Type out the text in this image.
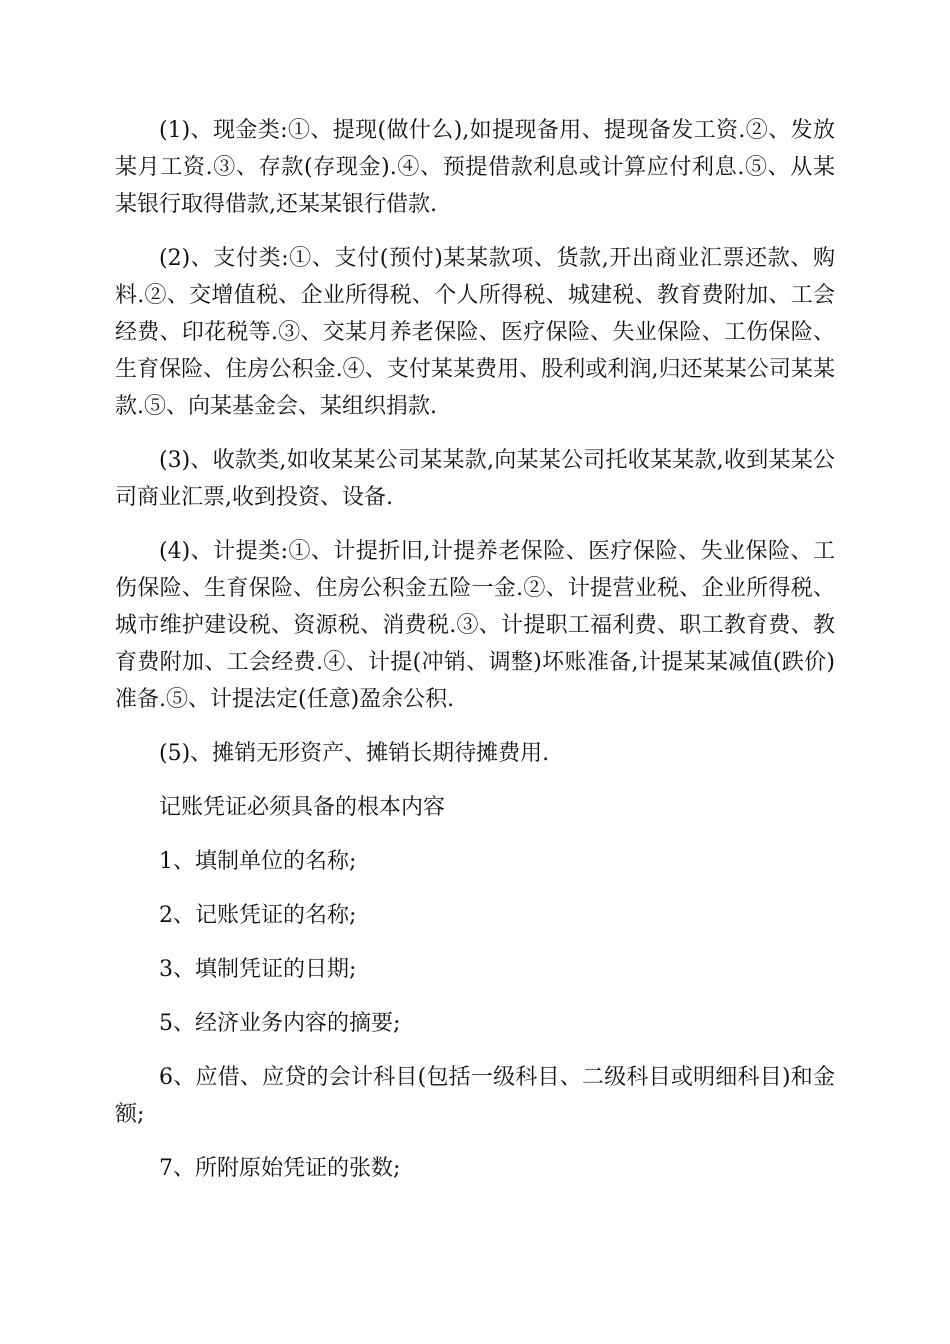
(1)、现金类:①、提现(做什么),如提现备用、提现备发工资.②、发放某月工资.③、存款(存现金).④、预提借款利息或计算应付利息.⑤、从某某银行取得借款,还某某银行借款.

(2)、支付类:①、支付(预付)某某款项、货款,开出商业汇票还款、购料.②、交增值税、企业所得税、个人所得税、城建税、教育费附加、工会经费、印花税等.③、交某月养老保险、医疗保险、失业保险、工伤保险、生育保险、住房公积金.④、支付某某费用、股利或利润,归还某某公司某某款.⑤、向某基金会、某组织捐款.

(3)、收款类,如收某某公司某某款,向某某公司托收某某款,收到某某公司商业汇票,收到投资、设备.

(4)、计提类:①、计提折旧,计提养老保险、医疗保险、失业保险、工伤保险、生育保险、住房公积金五险一金.②、计提营业税、企业所得税、城市维护建设税、资源税、消费税.③、计提职工福利费、职工教育费、教育费附加、工会经费.④、计提(冲销、调整)坏账准备,计提某某减值(跌价)准备.⑤、计提法定(任意)盈余公积.

(5)、摊销无形资产、摊销长期待摊费用.

记账凭证必须具备的根本内容

1、填制单位的名称;

2、记账凭证的名称;

3、填制凭证的日期;

5、经济业务内容的摘要;

6、应借、应贷的会计科目(包括一级科目、二级科目或明细科目)和金额;

7、所附原始凭证的张数;
